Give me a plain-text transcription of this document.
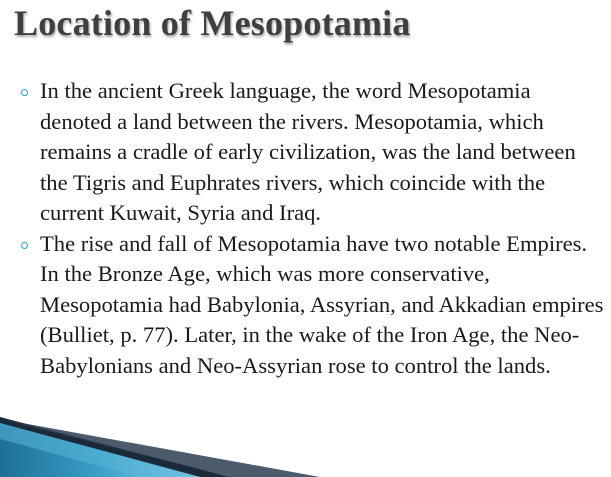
Location of Mesopotamia
In the ancient Greek language, the word Mesopotamia denoted a land between the rivers. Mesopotamia, which remains a cradle of early civilization, was the land between the Tigris and Euphrates rivers, which coincide with the current Kuwait, Syria and Iraq.
The rise and fall of Mesopotamia have two notable Empires. In the Bronze Age, which was more conservative, Mesopotamia had Babylonia, Assyrian, and Akkadian empires (Bulliet, p. 77). Later, in the wake of the Iron Age, the Neo-Babylonians and Neo-Assyrian rose to control the lands.
